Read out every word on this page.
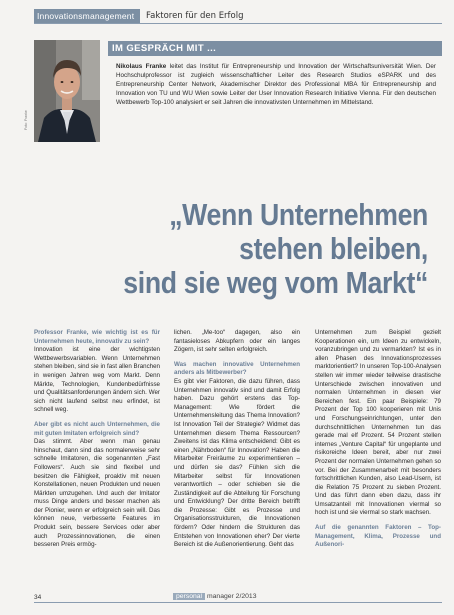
Innovationsmanagement	Faktoren für den Erfolg
Foto: Franke
IM GESPRÄCH MIT ...
Nikolaus Franke leitet das Institut für Entrepreneurship und Innovation der Wirtschaftsuniversität Wien. Der Hochschulprofessor ist zugleich wissenschaftlicher Leiter des Research Studios eSPARK und des Entrepreneurship Center Network, Akademischer Direktor des Professional MBA für Entrepreneurship and Innovation von TU und WU Wien sowie Leiter der User Innovation Research Initiative Vienna. Für den deutschen Wettbewerb Top-100 analysiert er seit Jahren die innovativsten Unternehmen im Mittelstand.
„Wenn Unternehmen stehen bleiben,
sind sie weg vom Markt“

Professor Franke, wie wichtig ist es für Unternehmen heute, innovativ zu sein?

Innovation ist eine der wichtigsten Wettbewerbsvariablen. Wenn Unternehmen stehen bleiben, sind sie in fast allen Branchen in wenigen Jahren weg vom Markt. Denn Märkte, Technologien, Kundenbedürfnisse und Qualitätsanforderungen ändern sich. Wer sich nicht laufend selbst neu erfindet, ist schnell weg.

Aber gibt es nicht auch Unternehmen, die mit guten Imitaten erfolgreich sind?

Das stimmt. Aber wenn man genau hinschaut, dann sind das normalerweise sehr schnelle Imitatoren, die sogenannten „Fast Followers“. Auch sie sind flexibel und besitzen die Fähigkeit, proaktiv mit neuen Konstellationen, neuen Produkten und neuen Märkten umzugehen. Und auch der Imitator muss Dinge anders und besser machen als der Pionier, wenn er erfolgreich sein will. Das können neue, verbesserte Features im Produkt sein, bessere Services oder aber auch Prozessinnovationen, die einen besseren Preis ermög-

lichen. „Me-too“ dagegen, also ein fantasieloses Abkupfern oder ein langes Zögern, ist sehr selten erfolgreich.

Was machen innovative Unternehmen anders als Mitbewerber?

Es gibt vier Faktoren, die dazu führen, dass Unternehmen innovativ sind und damit Erfolg haben. Dazu gehört erstens das Top-Management: Wie fördert die Unternehmensleitung das Thema Innovation? Ist Innovation Teil der Strategie? Widmet das Unternehmen diesem Thema Ressourcen? Zweitens ist das Klima entscheidend: Gibt es einen „Nährboden“ für Innovation? Haben die Mitarbeiter Freiräume zu experimentieren – und dürfen sie das? Fühlen sich die Mitarbeiter selbst für Innovationen verantwortlich – oder schieben sie die Zuständigkeit auf die Abteilung für Forschung und Entwicklung? Der dritte Bereich betrifft die Prozesse: Gibt es Prozesse und Organisationsstrukturen, die Innovationen fördern? Oder hindern die Strukturen das Entstehen von Innovationen eher? Der vierte Bereich ist die Außenorientierung. Geht das

Unternehmen zum Beispiel gezielt Kooperationen ein, um Ideen zu entwickeln, voranzubringen und zu vermarkten? Ist es in allen Phasen des Innovationsprozesses marktorientiert? In unseren Top-100-Analysen stellen wir immer wieder teilweise drastische Unterschiede zwischen innovativen und normalen Unternehmen in diesen vier Bereichen fest. Ein paar Beispiele: 79 Prozent der Top 100 kooperieren mit Unis und Forschungseinrichtungen, unter den durchschnittlichen Unternehmen tun das gerade mal elf Prozent. 54 Prozent stellen internes „Venture Capital“ für ungeplante und risikoreiche Ideen bereit, aber nur zwei Prozent der normalen Unternehmen gehen so vor. Bei der Zusammenarbeit mit besonders fortschrittlichen Kunden, also Lead-Usern, ist die Relation 75 Prozent zu sieben Prozent. Und das führt dann eben dazu, dass ihr Umsatzanteil mit Innovationen viermal so hoch ist und sie viermal so stark wachsen.

Auf die genannten Faktoren – Top-Management, Klima, Prozesse und Außenori-

34	personal manager 2/2013
